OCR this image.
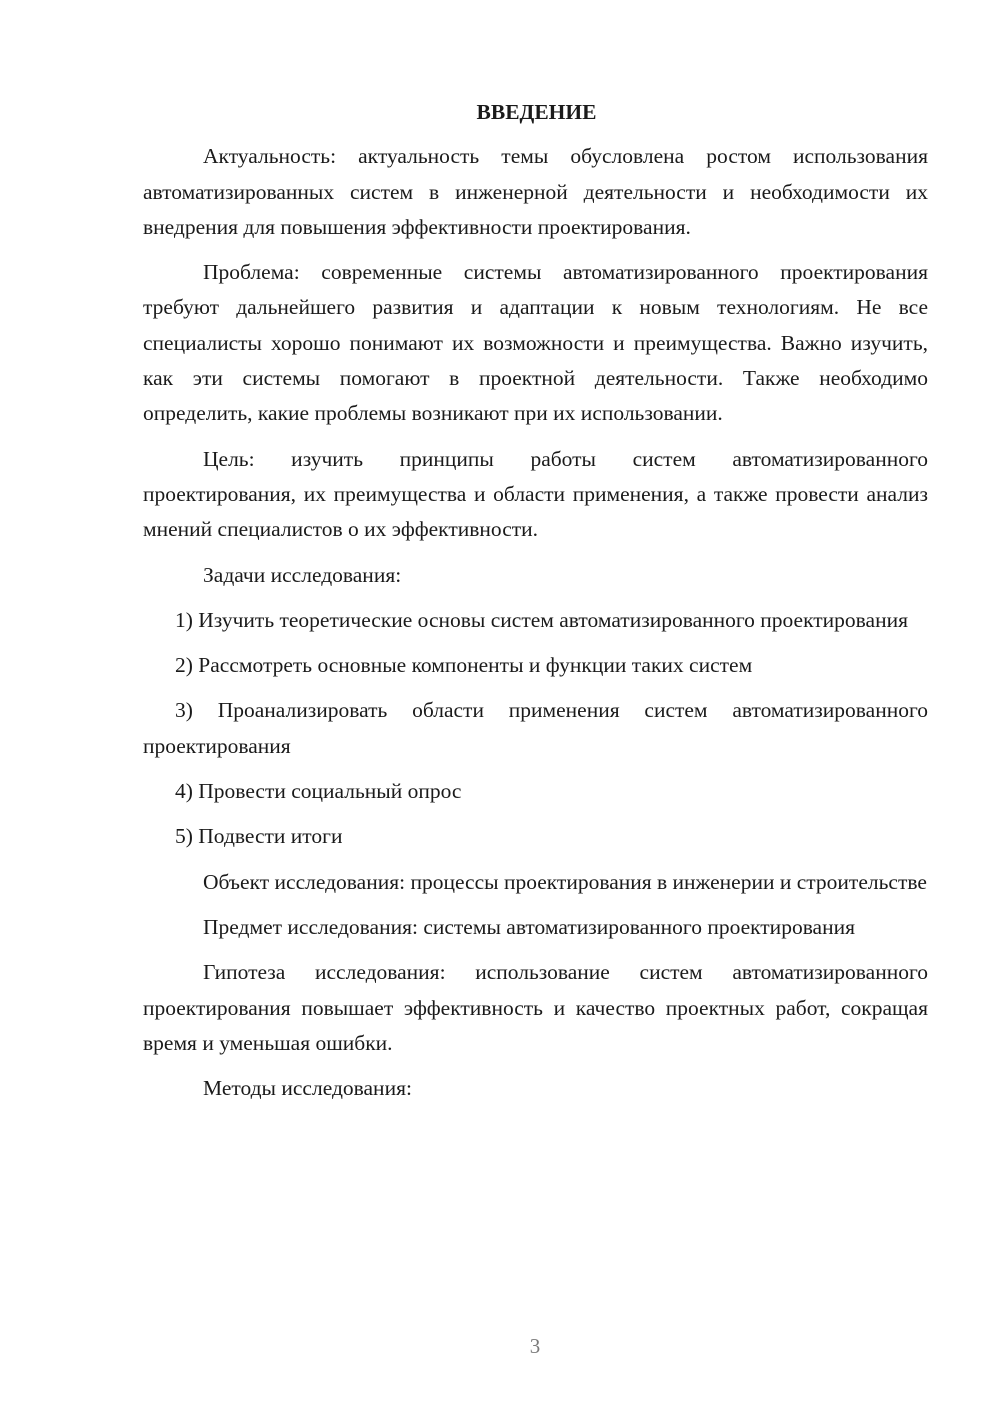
ВВЕДЕНИЕ

Актуальность: актуальность темы обусловлена ростом использования автоматизированных систем в инженерной деятельности и необходимости их внедрения для повышения эффективности проектирования.

Проблема: современные системы автоматизированного проектирования требуют дальнейшего развития и адаптации к новым технологиям. Не все специалисты хорошо понимают их возможности и преимущества. Важно изучить, как эти системы помогают в проектной деятельности. Также необходимо определить, какие проблемы возникают при их использовании.

Цель: изучить принципы работы систем автоматизированного проектирования, их преимущества и области применения, а также провести анализ мнений специалистов о их эффективности.

Задачи исследования:

1) Изучить теоретические основы систем автоматизированного проектирования

2) Рассмотреть основные компоненты и функции таких систем

3) Проанализировать области применения систем автоматизированного проектирования

4) Провести социальный опрос

5) Подвести итоги

Объект исследования: процессы проектирования в инженерии и строительстве

Предмет исследования: системы автоматизированного проектирования

Гипотеза исследования: использование систем автоматизированного проектирования повышает эффективность и качество проектных работ, сокращая время и уменьшая ошибки.

Методы исследования:

3
